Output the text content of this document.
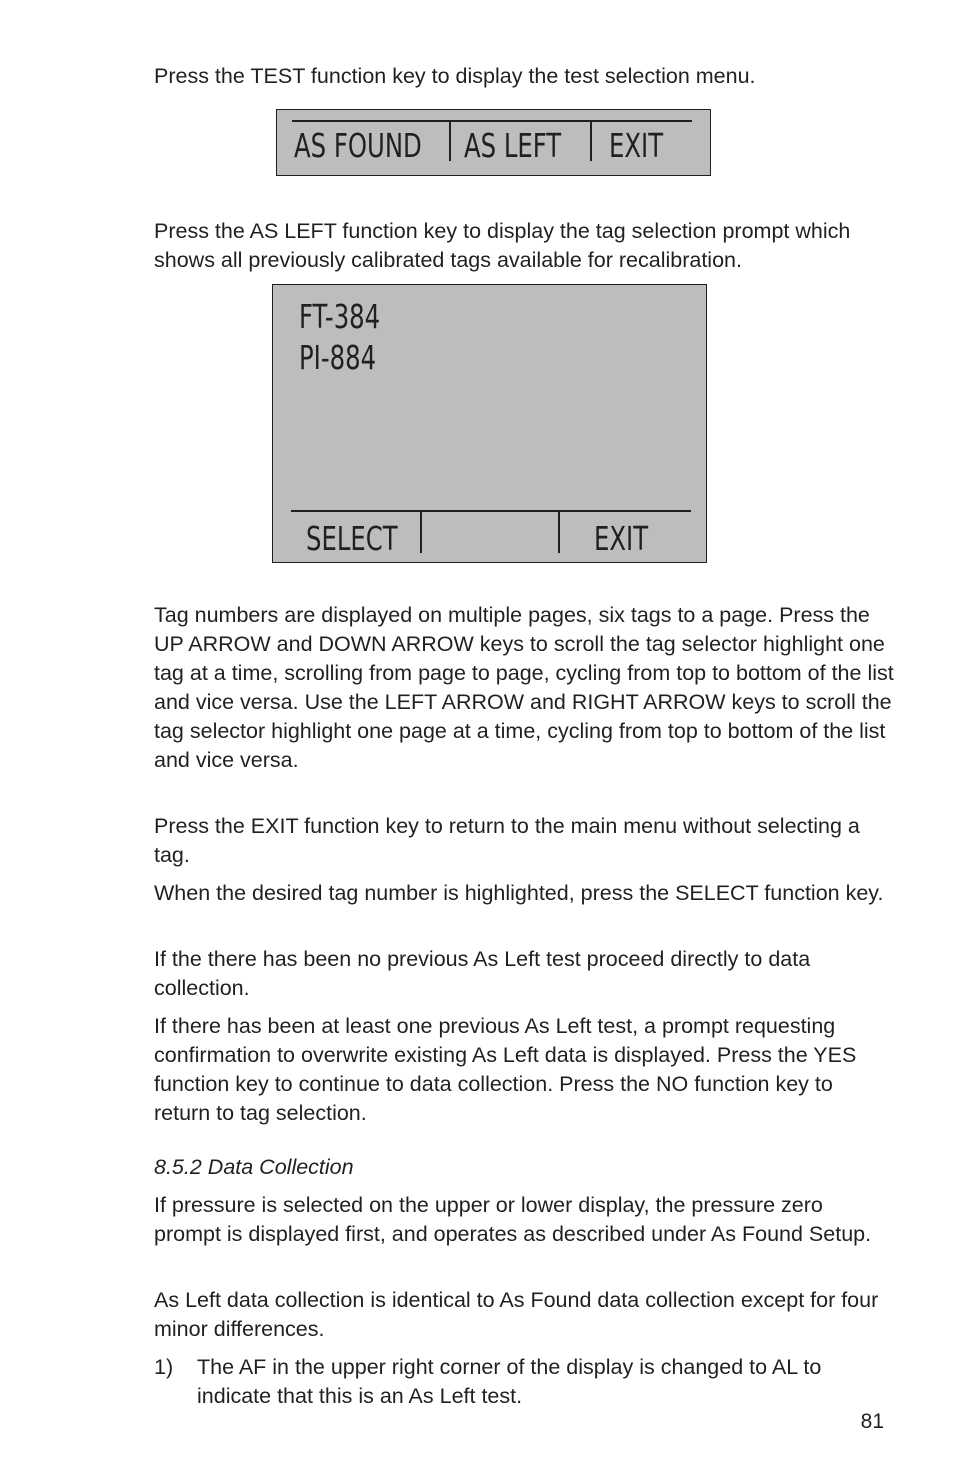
Press the TEST function key to display the test selection menu.

AS FOUND AS LEFT EXIT

Press the AS LEFT function key to display the tag selection prompt which shows all previously calibrated tags available for recalibration.

FT-384
PI-884
SELECT	EXIT

Tag numbers are displayed on multiple pages, six tags to a page. Press the UP ARROW and DOWN ARROW keys to scroll the tag selector highlight one tag at a time, scrolling from page to page, cycling from top to bottom of the list and vice versa. Use the LEFT ARROW and RIGHT ARROW keys to scroll the tag selector highlight one page at a time, cycling from top to bottom of the list and vice versa.

Press the EXIT function key to return to the main menu without selecting a tag.

When the desired tag number is highlighted, press the SELECT function key.

If the there has been no previous As Left test proceed directly to data collection.

If there has been at least one previous As Left test, a prompt requesting confirmation to overwrite existing As Left data is displayed. Press the YES function key to continue to data collection. Press the NO function key to return to tag selection.

8.5.2 Data Collection

If pressure is selected on the upper or lower display, the pressure zero prompt is displayed first, and operates as described under As Found Setup.

As Left data collection is identical to As Found data collection except for four minor differences.

1) The AF in the upper right corner of the display is changed to AL to indicate that this is an As Left test.

81
